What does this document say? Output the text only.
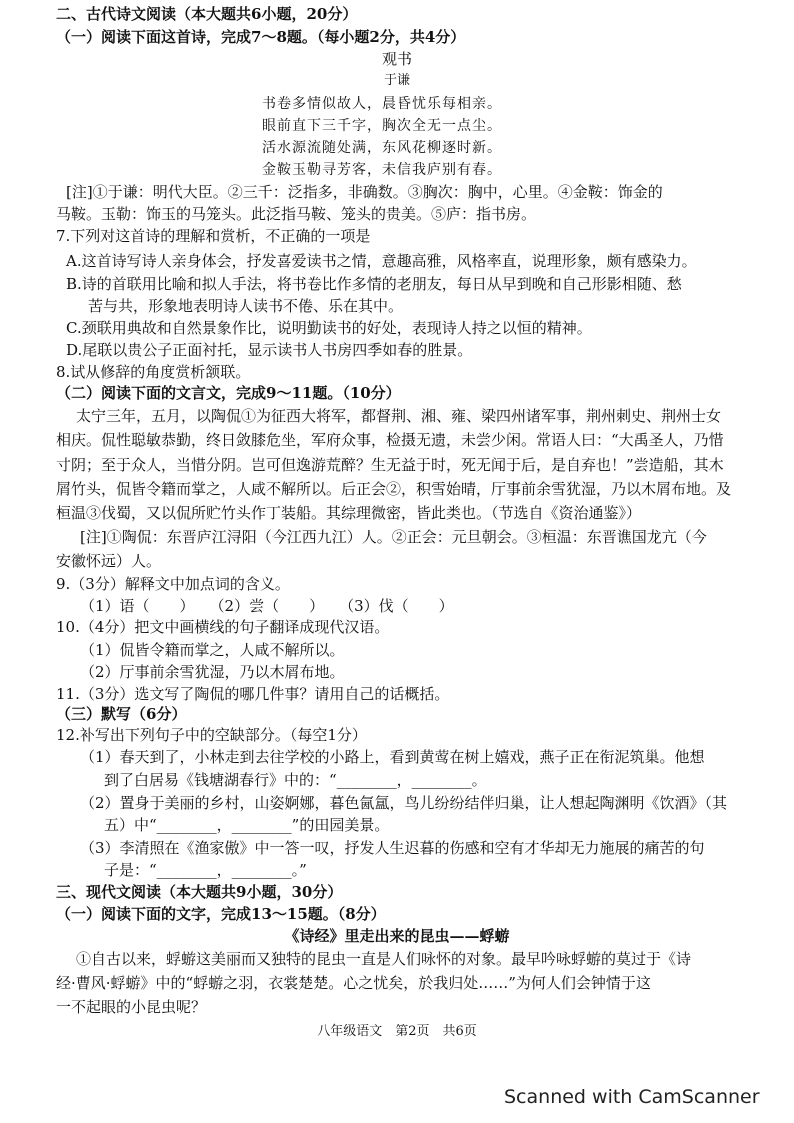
二、古代诗文阅读（本大题共6小题，20分）
（一）阅读下面这首诗，完成7～8题。（每小题2分，共4分）
观书
于谦
书卷多情似故人，晨昏忧乐每相亲。
眼前直下三千字，胸次全无一点尘。
活水源流随处满，东风花柳逐时新。
金鞍玉勒寻芳客，未信我庐别有春。
[注]①于谦：明代大臣。②三千：泛指多，非确数。③胸次：胸中，心里。④金鞍：饰金的
马鞍。玉勒：饰玉的马笼头。此泛指马鞍、笼头的贵美。⑤庐：指书房。
7.下列对这首诗的理解和赏析，不正确的一项是
A.这首诗写诗人亲身体会，抒发喜爱读书之情，意趣高雅，风格率直，说理形象，颇有感染力。
B.诗的首联用比喻和拟人手法，将书卷比作多情的老朋友，每日从早到晚和自己形影相随、愁
苦与共，形象地表明诗人读书不倦、乐在其中。
C.颈联用典故和自然景象作比，说明勤读书的好处，表现诗人持之以恒的精神。
D.尾联以贵公子正面衬托，显示读书人书房四季如春的胜景。
8.试从修辞的角度赏析颔联。
（二）阅读下面的文言文，完成9～11题。（10分）
太宁三年，五月，以陶侃①为征西大将军，都督荆、湘、雍、梁四州诸军事，荆州刺史、荆州士女
相庆。侃性聪敏恭勤，终日敛膝危坐，军府众事，检摄无遗，未尝少闲。常语人曰：“大禹圣人，乃惜
寸阴；至于众人，当惜分阴。岂可但逸游荒醉？生无益于时，死无闻于后，是自弃也！”尝造船，其木
屑竹头，侃皆令籍而掌之，人咸不解所以。后正会②，积雪始晴，厅事前余雪犹湿，乃以木屑布地。及
桓温③伐蜀，又以侃所贮竹头作丁装船。其综理微密，皆此类也。（节选自《资治通鉴》）
[注]①陶侃：东晋庐江浔阳（今江西九江）人。②正会：元旦朝会。③桓温：东晋谯国龙亢（今
安徽怀远）人。
9.（3分）解释文中加点词的含义。
（1）语（　　）　　（2）尝（　　）　　（3）伐（　　）
10.（4分）把文中画横线的句子翻译成现代汉语。
（1）侃皆令籍而掌之，人咸不解所以。
（2）厅事前余雪犹湿，乃以木屑布地。
11.（3分）选文写了陶侃的哪几件事？请用自己的话概括。
（三）默写（6分）
12.补写出下列句子中的空缺部分。（每空1分）
（1）春天到了，小林走到去往学校的小路上，看到黄莺在树上嬉戏，燕子正在衔泥筑巢。他想
到了白居易《钱塘湖春行》中的：“________，________。
（2）置身于美丽的乡村，山姿婀娜，暮色氤氲，鸟儿纷纷结伴归巢，让人想起陶渊明《饮酒》（其
五）中“________，________”的田园美景。
（3）李清照在《渔家傲》中一答一叹，抒发人生迟暮的伤感和空有才华却无力施展的痛苦的句
子是：“________，________。”
三、现代文阅读（本大题共9小题，30分）
（一）阅读下面的文字，完成13～15题。（8分）
《诗经》里走出来的昆虫——蜉蝣
①自古以来，蜉蝣这美丽而又独特的昆虫一直是人们咏怀的对象。最早吟咏蜉蝣的莫过于《诗
经·曹风·蜉蝣》中的“蜉蝣之羽，衣裳楚楚。心之忧矣，於我归处……”为何人们会钟情于这
一不起眼的小昆虫呢？
八年级语文　第2页　共6页
Scanned with CamScanner
